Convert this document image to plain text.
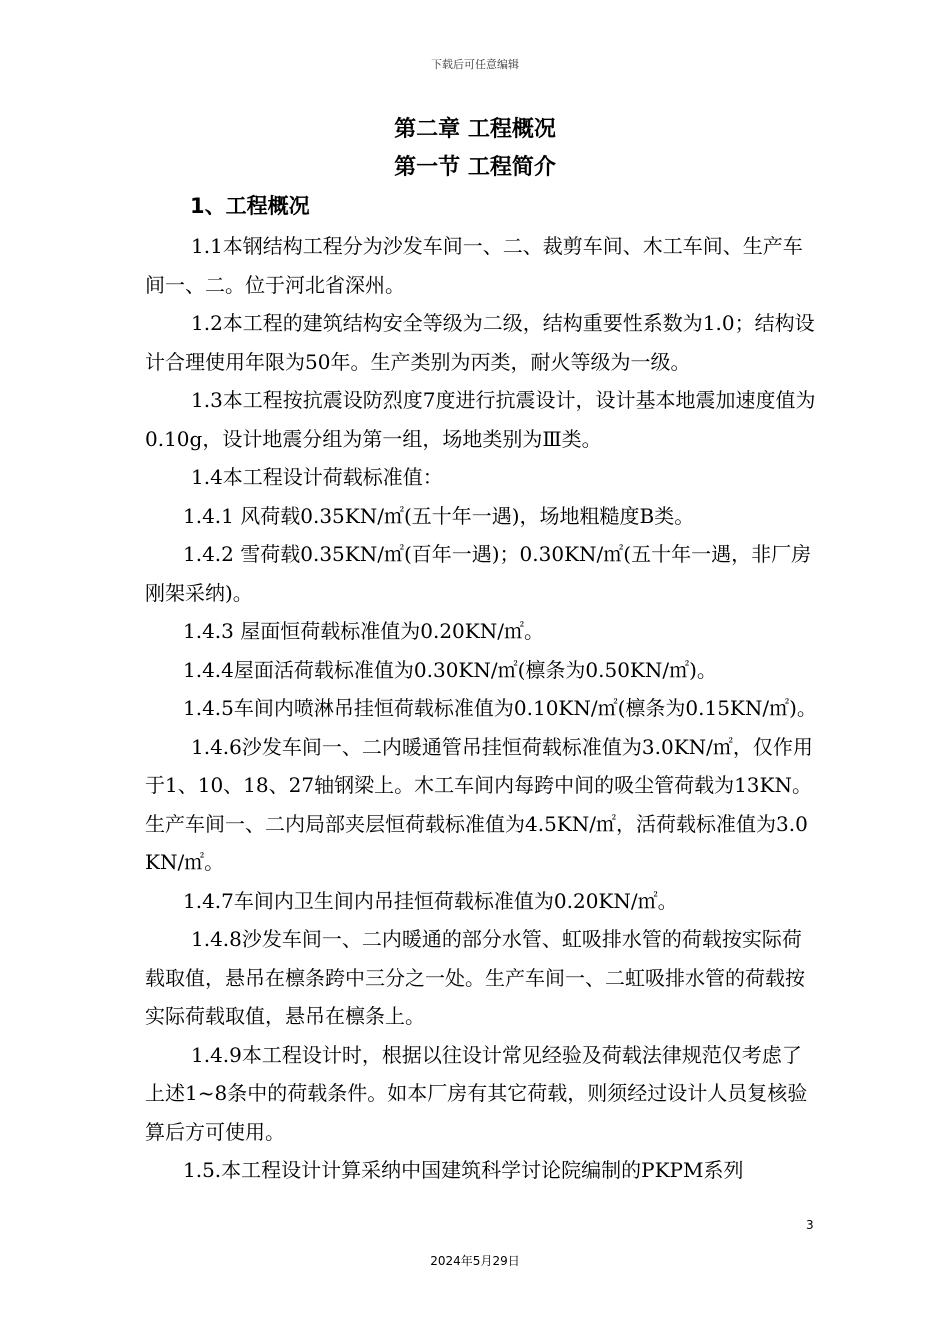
下载后可任意编辑
第二章 工程概况
第一节 工程简介
1、工程概况

1.1本钢结构工程分为沙发车间一、二、裁剪车间、木工车间、生产车间一、二。位于河北省深州。

1.2本工程的建筑结构安全等级为二级，结构重要性系数为1.0；结构设计合理使用年限为50年。生产类别为丙类，耐火等级为一级。

1.3本工程按抗震设防烈度7度进行抗震设计，设计基本地震加速度值为0.10g，设计地震分组为第一组，场地类别为Ⅲ类。

1.4本工程设计荷载标准值：

1.4.1 风荷载0.35KN/㎡(五十年一遇)，场地粗糙度B类。

1.4.2 雪荷载0.35KN/㎡(百年一遇)；0.30KN/㎡(五十年一遇，非厂房刚架采纳)。

1.4.3 屋面恒荷载标准值为0.20KN/㎡。

1.4.4屋面活荷载标准值为0.30KN/㎡(檩条为0.50KN/㎡)。

1.4.5车间内喷淋吊挂恒荷载标准值为0.10KN/㎡(檩条为0.15KN/㎡)。

1.4.6沙发车间一、二内暖通管吊挂恒荷载标准值为3.0KN/㎡，仅作用于1、10、18、27轴钢梁上。木工车间内每跨中间的吸尘管荷载为13KN。生产车间一、二内局部夹层恒荷载标准值为4.5KN/㎡，活荷载标准值为3.0KN/㎡。

1.4.7车间内卫生间内吊挂恒荷载标准值为0.20KN/㎡。

1.4.8沙发车间一、二内暖通的部分水管、虹吸排水管的荷载按实际荷载取值，悬吊在檩条跨中三分之一处。生产车间一、二虹吸排水管的荷载按实际荷载取值，悬吊在檩条上。

1.4.9本工程设计时，根据以往设计常见经验及荷载法律规范仅考虑了上述1~8条中的荷载条件。如本厂房有其它荷载，则须经过设计人员复核验算后方可使用。

1.5.本工程设计计算采纳中国建筑科学讨论院编制的PKPM系列

3
2024年5月29日
